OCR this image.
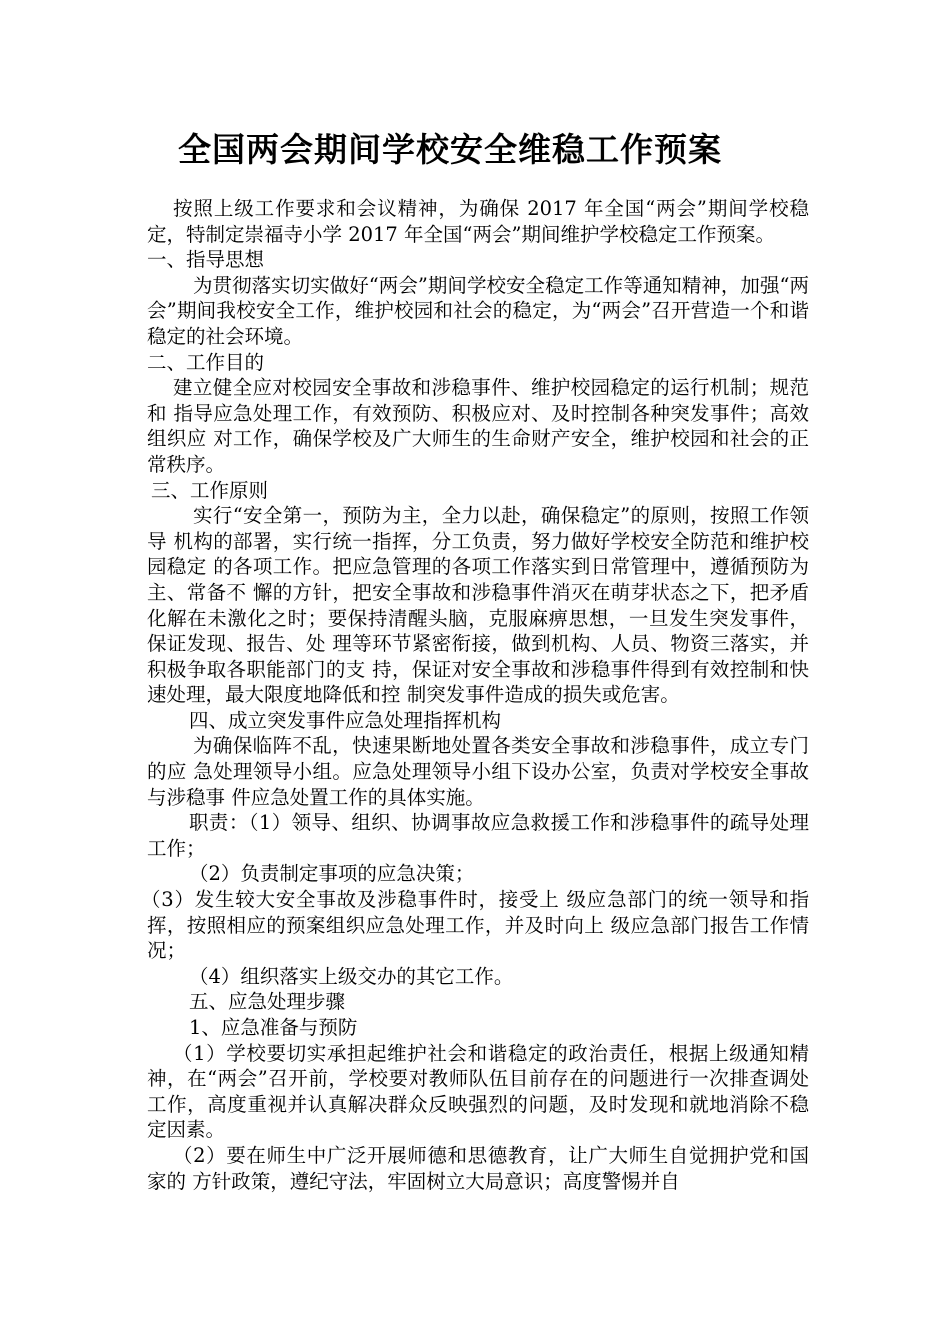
全国两会期间学校安全维稳工作预案

按照上级工作要求和会议精神，为确保 2017 年全国“两会”期间学校稳定，特制定崇福寺小学 2017 年全国“两会”期间维护学校稳定工作预案。

一、指导思想

为贯彻落实切实做好“两会”期间学校安全稳定工作等通知精神，加强“两 会”期间我校安全工作，维护校园和社会的稳定，为“两会”召开营造一个和谐 稳定的社会环境。

二、工作目的

建立健全应对校园安全事故和涉稳事件、维护校园稳定的运行机制；规范和 指导应急处理工作，有效预防、积极应对、及时控制各种突发事件；高效组织应 对工作，确保学校及广大师生的生命财产安全，维护校园和社会的正常秩序。

三、工作原则

实行“安全第一，预防为主，全力以赴，确保稳定”的原则，按照工作领导 机构的部署，实行统一指挥，分工负责，努力做好学校安全防范和维护校园稳定 的各项工作。把应急管理的各项工作落实到日常管理中，遵循预防为主、常备不 懈的方针，把安全事故和涉稳事件消灭在萌芽状态之下，把矛盾化解在未激化之时；要保持清醒头脑，克服麻痹思想，一旦发生突发事件，保证发现、报告、处 理等环节紧密衔接，做到机构、人员、物资三落实，并积极争取各职能部门的支 持，保证对安全事故和涉稳事件得到有效控制和快速处理，最大限度地降低和控 制突发事件造成的损失或危害。

四、成立突发事件应急处理指挥机构

为确保临阵不乱，快速果断地处置各类安全事故和涉稳事件，成立专门的应 急处理领导小组。应急处理领导小组下设办公室，负责对学校安全事故与涉稳事 件应急处置工作的具体实施。

职责：（1）领导、组织、协调事故应急救援工作和涉稳事件的疏导处理工作；

（2）负责制定事项的应急决策；

（3）发生较大安全事故及涉稳事件时，接受上 级应急部门的统一领导和指挥，按照相应的预案组织应急处理工作，并及时向上 级应急部门报告工作情况；

（4）组织落实上级交办的其它工作。

五、应急处理步骤

1、应急准备与预防

（1）学校要切实承担起维护社会和谐稳定的政治责任，根据上级通知精神，在“两会”召开前，学校要对教师队伍目前存在的问题进行一次排查调处工作，高度重视并认真解决群众反映强烈的问题，及时发现和就地消除不稳定因素。

（2）要在师生中广泛开展师德和思德教育，让广大师生自觉拥护党和国家的 方针政策，遵纪守法，牢固树立大局意识；高度警惕并自
